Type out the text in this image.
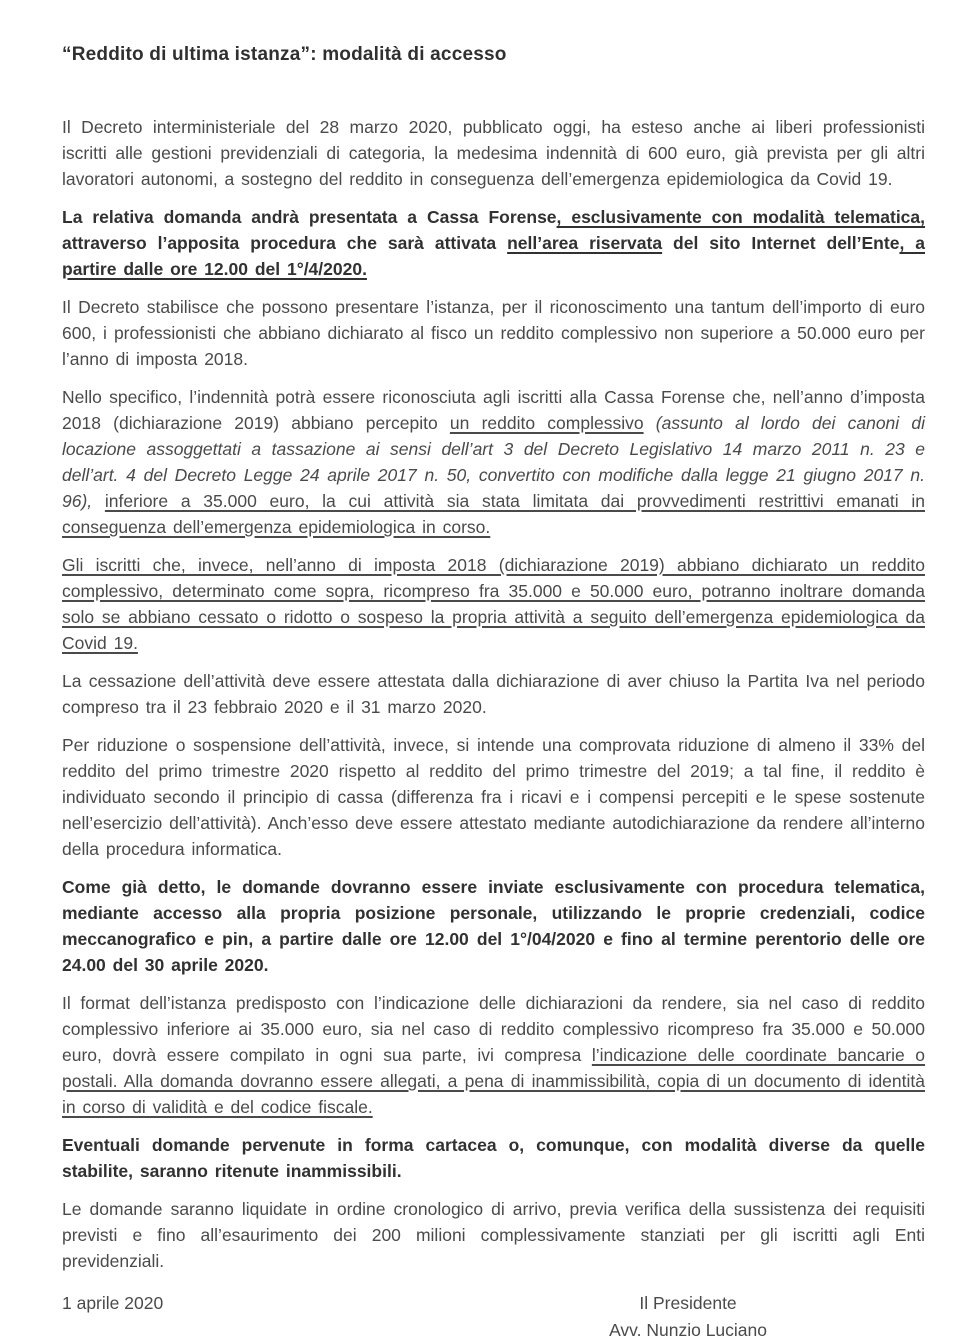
“Reddito di ultima istanza”: modalità di accesso

Il Decreto interministeriale del 28 marzo 2020, pubblicato oggi, ha esteso anche ai liberi professionisti iscritti alle gestioni previdenziali di categoria, la medesima indennità di 600 euro, già prevista per gli altri lavoratori autonomi, a sostegno del reddito in conseguenza dell’emergenza epidemiologica da Covid 19.

La relativa domanda andrà presentata a Cassa Forense, esclusivamente con modalità telematica, attraverso l’apposita procedura che sarà attivata nell’area riservata del sito Internet dell’Ente, a partire dalle ore 12.00 del 1°/4/2020.

Il Decreto stabilisce che possono presentare l’istanza, per il riconoscimento una tantum dell’importo di euro 600, i professionisti che abbiano dichiarato al fisco un reddito complessivo non superiore a 50.000 euro per l’anno di imposta 2018.

Nello specifico, l’indennità potrà essere riconosciuta agli iscritti alla Cassa Forense che, nell’anno d’imposta 2018 (dichiarazione 2019) abbiano percepito un reddito complessivo (assunto al lordo dei canoni di locazione assoggettati a tassazione ai sensi dell’art 3 del Decreto Legislativo 14 marzo 2011 n. 23 e dell’art. 4 del Decreto Legge 24 aprile 2017 n. 50, convertito con modifiche dalla legge 21 giugno 2017 n. 96), inferiore a 35.000 euro, la cui attività sia stata limitata dai provvedimenti restrittivi emanati in conseguenza dell’emergenza epidemiologica in corso.

Gli iscritti che, invece, nell’anno di imposta 2018 (dichiarazione 2019) abbiano dichiarato un reddito complessivo, determinato come sopra, ricompreso fra 35.000 e 50.000 euro, potranno inoltrare domanda solo se abbiano cessato o ridotto o sospeso la propria attività a seguito dell’emergenza epidemiologica da Covid 19.

La cessazione dell’attività deve essere attestata dalla dichiarazione di aver chiuso la Partita Iva nel periodo compreso tra il 23 febbraio 2020 e il 31 marzo 2020.

Per riduzione o sospensione dell’attività, invece, si intende una comprovata riduzione di almeno il 33% del reddito del primo trimestre 2020 rispetto al reddito del primo trimestre del 2019; a tal fine, il reddito è individuato secondo il principio di cassa (differenza fra i ricavi e i compensi percepiti e le spese sostenute nell’esercizio dell’attività). Anch’esso deve essere attestato mediante autodichiarazione da rendere all’interno della procedura informatica.

Come già detto, le domande dovranno essere inviate esclusivamente con procedura telematica, mediante accesso alla propria posizione personale, utilizzando le proprie credenziali, codice meccanografico e pin, a partire dalle ore 12.00 del 1°/04/2020 e fino al termine perentorio delle ore 24.00 del 30 aprile 2020.

Il format dell’istanza predisposto con l’indicazione delle dichiarazioni da rendere, sia nel caso di reddito complessivo inferiore ai 35.000 euro, sia nel caso di reddito complessivo ricompreso fra 35.000 e 50.000 euro, dovrà essere compilato in ogni sua parte, ivi compresa l’indicazione delle coordinate bancarie o postali. Alla domanda dovranno essere allegati, a pena di inammissibilità, copia di un documento di identità in corso di validità e del codice fiscale.

Eventuali domande pervenute in forma cartacea o, comunque, con modalità diverse da quelle stabilite, saranno ritenute inammissibili.

Le domande saranno liquidate in ordine cronologico di arrivo, previa verifica della sussistenza dei requisiti previsti e fino all’esaurimento dei 200 milioni complessivamente stanziati per gli iscritti agli Enti previdenziali.

1 aprile 2020	Il Presidente
Avv. Nunzio Luciano
